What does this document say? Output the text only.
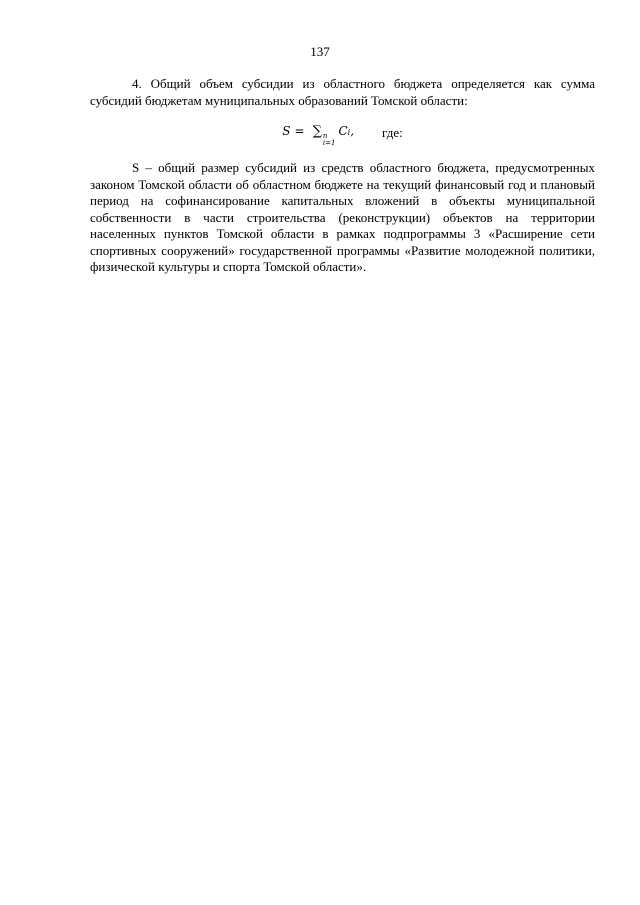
137

4. Общий объем субсидии из областного бюджета определяется как сумма субсидий бюджетам муниципальных образований Томской области:

S = ∑ n
i=1
C i , где:

S – общий размер субсидий из средств областного бюджета, предусмотренных законом Томской области об областном бюджете на текущий финансовый год и плановый период на софинансирование капитальных вложений в объекты муниципальной собственности в части строительства (реконструкции) объектов на территории населенных пунктов Томской области в рамках подпрограммы 3 «Расширение сети спортивных сооружений» государственной программы «Развитие молодежной политики, физической культуры и спорта Томской области».
